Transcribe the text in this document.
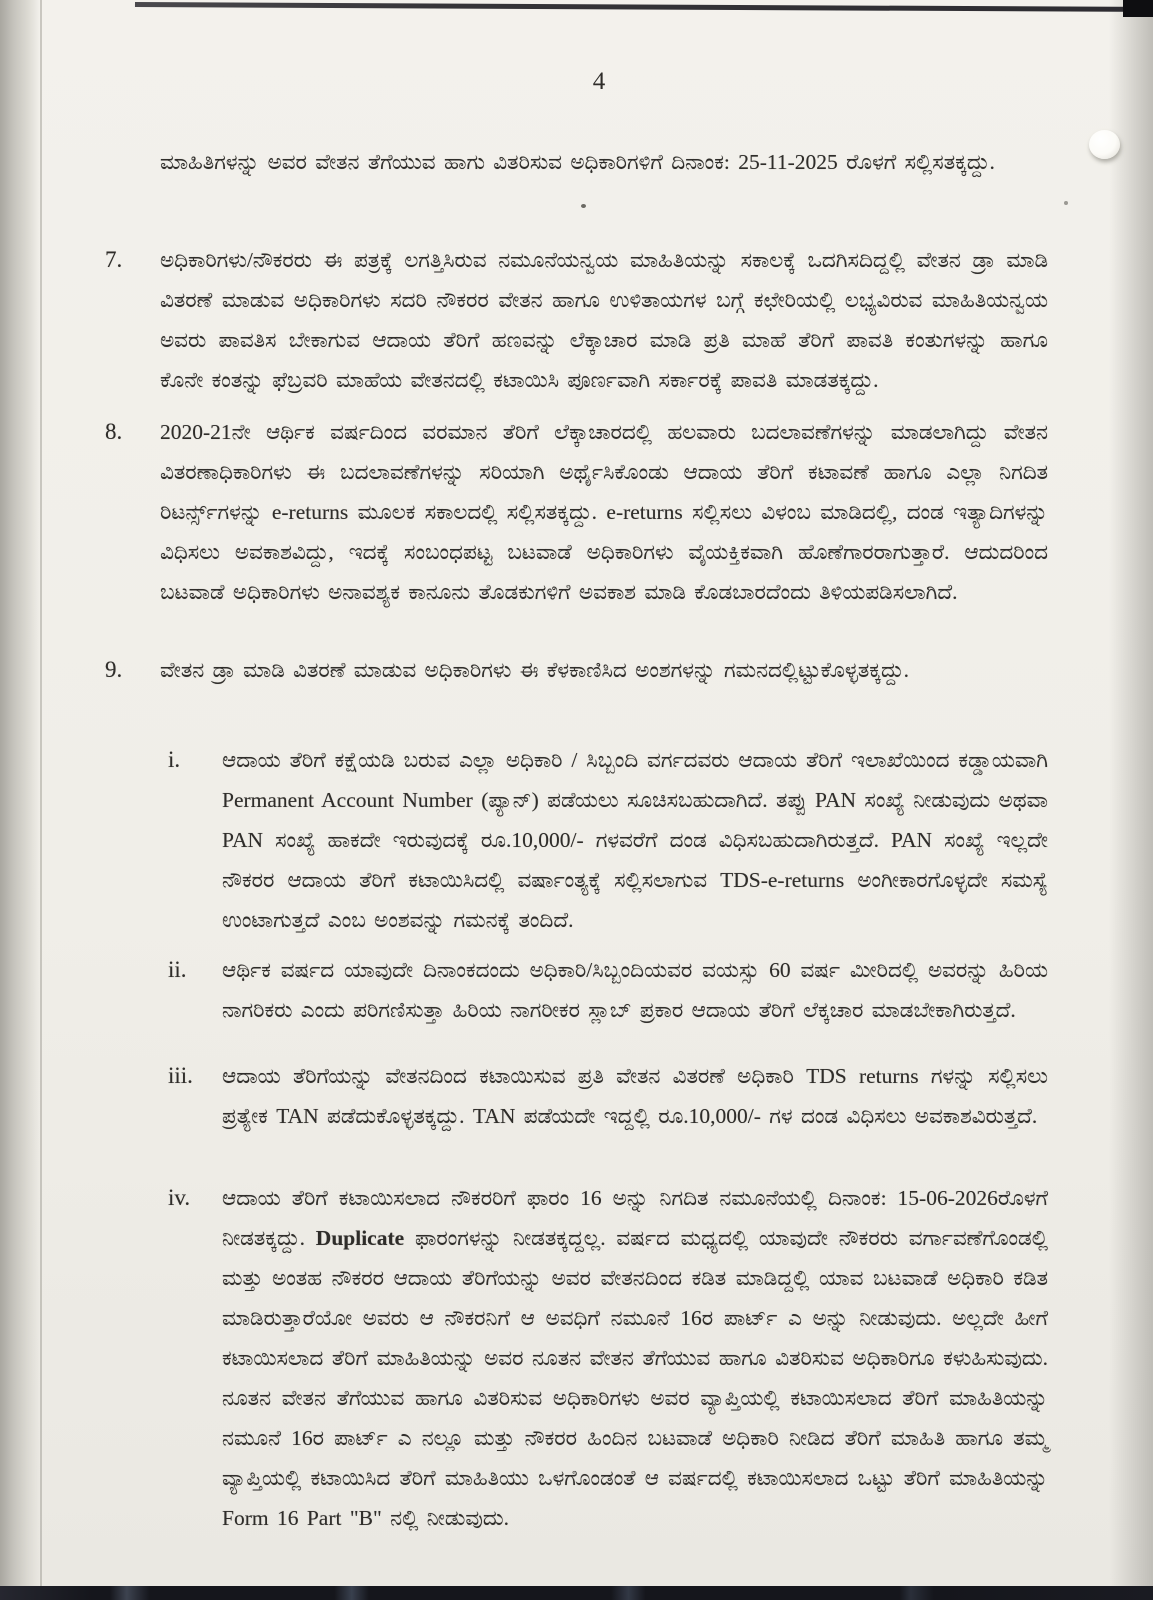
4

ಮಾಹಿತಿಗಳನ್ನು ಅವರ ವೇತನ ತೆಗೆಯುವ ಹಾಗು ವಿತರಿಸುವ ಅಧಿಕಾರಿಗಳಿಗೆ ದಿನಾಂಕ: 25-11-2025 ರೊಳಗೆ ಸಲ್ಲಿಸತಕ್ಕದ್ದು.

7.	ಅಧಿಕಾರಿಗಳು/ನೌಕರರು ಈ ಪತ್ರಕ್ಕೆ ಲಗತ್ತಿಸಿರುವ ನಮೂನೆಯನ್ವಯ ಮಾಹಿತಿಯನ್ನು ಸಕಾಲಕ್ಕೆ ಒದಗಿಸದಿದ್ದಲ್ಲಿ ವೇತನ ಡ್ರಾ ಮಾಡಿ ವಿತರಣೆ ಮಾಡುವ ಅಧಿಕಾರಿಗಳು ಸದರಿ ನೌಕರರ ವೇತನ ಹಾಗೂ ಉಳಿತಾಯಗಳ ಬಗ್ಗೆ ಕಛೇರಿಯಲ್ಲಿ ಲಭ್ಯವಿರುವ ಮಾಹಿತಿಯನ್ವಯ ಅವರು ಪಾವತಿಸ ಬೇಕಾಗುವ ಆದಾಯ ತೆರಿಗೆ ಹಣವನ್ನು ಲೆಕ್ಕಾಚಾರ ಮಾಡಿ ಪ್ರತಿ ಮಾಹೆ ತೆರಿಗೆ ಪಾವತಿ ಕಂತುಗಳನ್ನು ಹಾಗೂ ಕೊನೇ ಕಂತನ್ನು ಫೆಬ್ರವರಿ ಮಾಹೆಯ ವೇತನದಲ್ಲಿ ಕಟಾಯಿಸಿ ಪೂರ್ಣವಾಗಿ ಸರ್ಕಾರಕ್ಕೆ ಪಾವತಿ ಮಾಡತಕ್ಕದ್ದು.
8.	2020-21ನೇ ಆರ್ಥಿಕ ವರ್ಷದಿಂದ ವರಮಾನ ತೆರಿಗೆ ಲೆಕ್ಕಾಚಾರದಲ್ಲಿ ಹಲವಾರು ಬದಲಾವಣೆಗಳನ್ನು ಮಾಡಲಾಗಿದ್ದು ವೇತನ ವಿತರಣಾಧಿಕಾರಿಗಳು ಈ ಬದಲಾವಣೆಗಳನ್ನು ಸರಿಯಾಗಿ ಅರ್ಥೈಸಿಕೊಂಡು ಆದಾಯ ತೆರಿಗೆ ಕಟಾವಣೆ ಹಾಗೂ ಎಲ್ಲಾ ನಿಗದಿತ ರಿಟರ್ನ್ಸ್‌ಗಳನ್ನು e-returns ಮೂಲಕ ಸಕಾಲದಲ್ಲಿ ಸಲ್ಲಿಸತಕ್ಕದ್ದು. e-returns ಸಲ್ಲಿಸಲು ವಿಳಂಬ ಮಾಡಿದಲ್ಲಿ, ದಂಡ ಇತ್ಯಾದಿಗಳನ್ನು ವಿಧಿಸಲು ಅವಕಾಶವಿದ್ದು, ಇದಕ್ಕೆ ಸಂಬಂಧಪಟ್ಟ ಬಟವಾಡೆ ಅಧಿಕಾರಿಗಳು ವೈಯಕ್ತಿಕವಾಗಿ ಹೊಣೆಗಾರರಾಗುತ್ತಾರೆ. ಆದುದರಿಂದ ಬಟವಾಡೆ ಅಧಿಕಾರಿಗಳು ಅನಾವಶ್ಯಕ ಕಾನೂನು ತೊಡಕುಗಳಿಗೆ ಅವಕಾಶ ಮಾಡಿ ಕೊಡಬಾರದೆಂದು ತಿಳಿಯಪಡಿಸಲಾಗಿದೆ.
9.	ವೇತನ ಡ್ರಾ ಮಾಡಿ ವಿತರಣೆ ಮಾಡುವ ಅಧಿಕಾರಿಗಳು ಈ ಕೆಳಕಾಣಿಸಿದ ಅಂಶಗಳನ್ನು ಗಮನದಲ್ಲಿಟ್ಟುಕೊಳ್ಳತಕ್ಕದ್ದು.
i.	ಆದಾಯ ತೆರಿಗೆ ಕಕ್ಷೆಯಡಿ ಬರುವ ಎಲ್ಲಾ ಅಧಿಕಾರಿ / ಸಿಬ್ಬಂದಿ ವರ್ಗದವರು ಆದಾಯ ತೆರಿಗೆ ಇಲಾಖೆಯಿಂದ ಕಡ್ಡಾಯವಾಗಿ Permanent Account Number (ಪ್ಯಾನ್) ಪಡೆಯಲು ಸೂಚಿಸಬಹುದಾಗಿದೆ. ತಪ್ಪು PAN ಸಂಖ್ಯೆ ನೀಡುವುದು ಅಥವಾ PAN ಸಂಖ್ಯೆ ಹಾಕದೇ ಇರುವುದಕ್ಕೆ ರೂ.10,000/- ಗಳವರೆಗೆ ದಂಡ ವಿಧಿಸಬಹುದಾಗಿರುತ್ತದೆ. PAN ಸಂಖ್ಯೆ ಇಲ್ಲದೇ ನೌಕರರ ಆದಾಯ ತೆರಿಗೆ ಕಟಾಯಿಸಿದಲ್ಲಿ ವರ್ಷಾಂತ್ಯಕ್ಕೆ ಸಲ್ಲಿಸಲಾಗುವ TDS-e-returns ಅಂಗೀಕಾರಗೊಳ್ಳದೇ ಸಮಸ್ಯೆ ಉಂಟಾಗುತ್ತದೆ ಎಂಬ ಅಂಶವನ್ನು ಗಮನಕ್ಕೆ ತಂದಿದೆ.
ii.	ಆರ್ಥಿಕ ವರ್ಷದ ಯಾವುದೇ ದಿನಾಂಕದಂದು ಅಧಿಕಾರಿ/ಸಿಬ್ಬಂದಿಯವರ ವಯಸ್ಸು 60 ವರ್ಷ ಮೀರಿದಲ್ಲಿ ಅವರನ್ನು ಹಿರಿಯ ನಾಗರಿಕರು ಎಂದು ಪರಿಗಣಿಸುತ್ತಾ ಹಿರಿಯ ನಾಗರೀಕರ ಸ್ಲಾಬ್ ಪ್ರಕಾರ ಆದಾಯ ತೆರಿಗೆ ಲೆಕ್ಕಚಾರ ಮಾಡಬೇಕಾಗಿರುತ್ತದೆ.
iii.	ಆದಾಯ ತೆರಿಗೆಯನ್ನು ವೇತನದಿಂದ ಕಟಾಯಿಸುವ ಪ್ರತಿ ವೇತನ ವಿತರಣೆ ಅಧಿಕಾರಿ TDS returns ಗಳನ್ನು ಸಲ್ಲಿಸಲು ಪ್ರತ್ಯೇಕ TAN ಪಡೆದುಕೊಳ್ಳತಕ್ಕದ್ದು. TAN ಪಡೆಯದೇ ಇದ್ದಲ್ಲಿ ರೂ.10,000/- ಗಳ ದಂಡ ವಿಧಿಸಲು ಅವಕಾಶವಿರುತ್ತದೆ.
iv.	ಆದಾಯ ತೆರಿಗೆ ಕಟಾಯಿಸಲಾದ ನೌಕರರಿಗೆ ಫಾರಂ 16 ಅನ್ನು ನಿಗದಿತ ನಮೂನೆಯಲ್ಲಿ ದಿನಾಂಕ: 15-06-2026ರೊಳಗೆ ನೀಡತಕ್ಕದ್ದು. Duplicate ಫಾರಂಗಳನ್ನು ನೀಡತಕ್ಕದ್ದಲ್ಲ. ವರ್ಷದ ಮಧ್ಯದಲ್ಲಿ ಯಾವುದೇ ನೌಕರರು ವರ್ಗಾವಣೆಗೊಂಡಲ್ಲಿ ಮತ್ತು ಅಂತಹ ನೌಕರರ ಆದಾಯ ತೆರಿಗೆಯನ್ನು ಅವರ ವೇತನದಿಂದ ಕಡಿತ ಮಾಡಿದ್ದಲ್ಲಿ ಯಾವ ಬಟವಾಡೆ ಅಧಿಕಾರಿ ಕಡಿತ ಮಾಡಿರುತ್ತಾರೆಯೋ ಅವರು ಆ ನೌಕರನಿಗೆ ಆ ಅವಧಿಗೆ ನಮೂನೆ 16ರ ಪಾರ್ಟ್ ಎ ಅನ್ನು ನೀಡುವುದು. ಅಲ್ಲದೇ ಹೀಗೆ ಕಟಾಯಿಸಲಾದ ತೆರಿಗೆ ಮಾಹಿತಿಯನ್ನು ಅವರ ನೂತನ ವೇತನ ತೆಗೆಯುವ ಹಾಗೂ ವಿತರಿಸುವ ಅಧಿಕಾರಿಗೂ ಕಳುಹಿಸುವುದು. ನೂತನ ವೇತನ ತೆಗೆಯುವ ಹಾಗೂ ವಿತರಿಸುವ ಅಧಿಕಾರಿಗಳು ಅವರ ವ್ಯಾಪ್ತಿಯಲ್ಲಿ ಕಟಾಯಿಸಲಾದ ತೆರಿಗೆ ಮಾಹಿತಿಯನ್ನು ನಮೂನೆ 16ರ ಪಾರ್ಟ್ ಎ ನಲ್ಲೂ ಮತ್ತು ನೌಕರರ ಹಿಂದಿನ ಬಟವಾಡೆ ಅಧಿಕಾರಿ ನೀಡಿದ ತೆರಿಗೆ ಮಾಹಿತಿ ಹಾಗೂ ತಮ್ಮ ವ್ಯಾಪ್ತಿಯಲ್ಲಿ ಕಟಾಯಿಸಿದ ತೆರಿಗೆ ಮಾಹಿತಿಯು ಒಳಗೊಂಡಂತೆ ಆ ವರ್ಷದಲ್ಲಿ ಕಟಾಯಿಸಲಾದ ಒಟ್ಟು ತೆರಿಗೆ ಮಾಹಿತಿಯನ್ನು Form 16 Part "B" ನಲ್ಲಿ ನೀಡುವುದು.
